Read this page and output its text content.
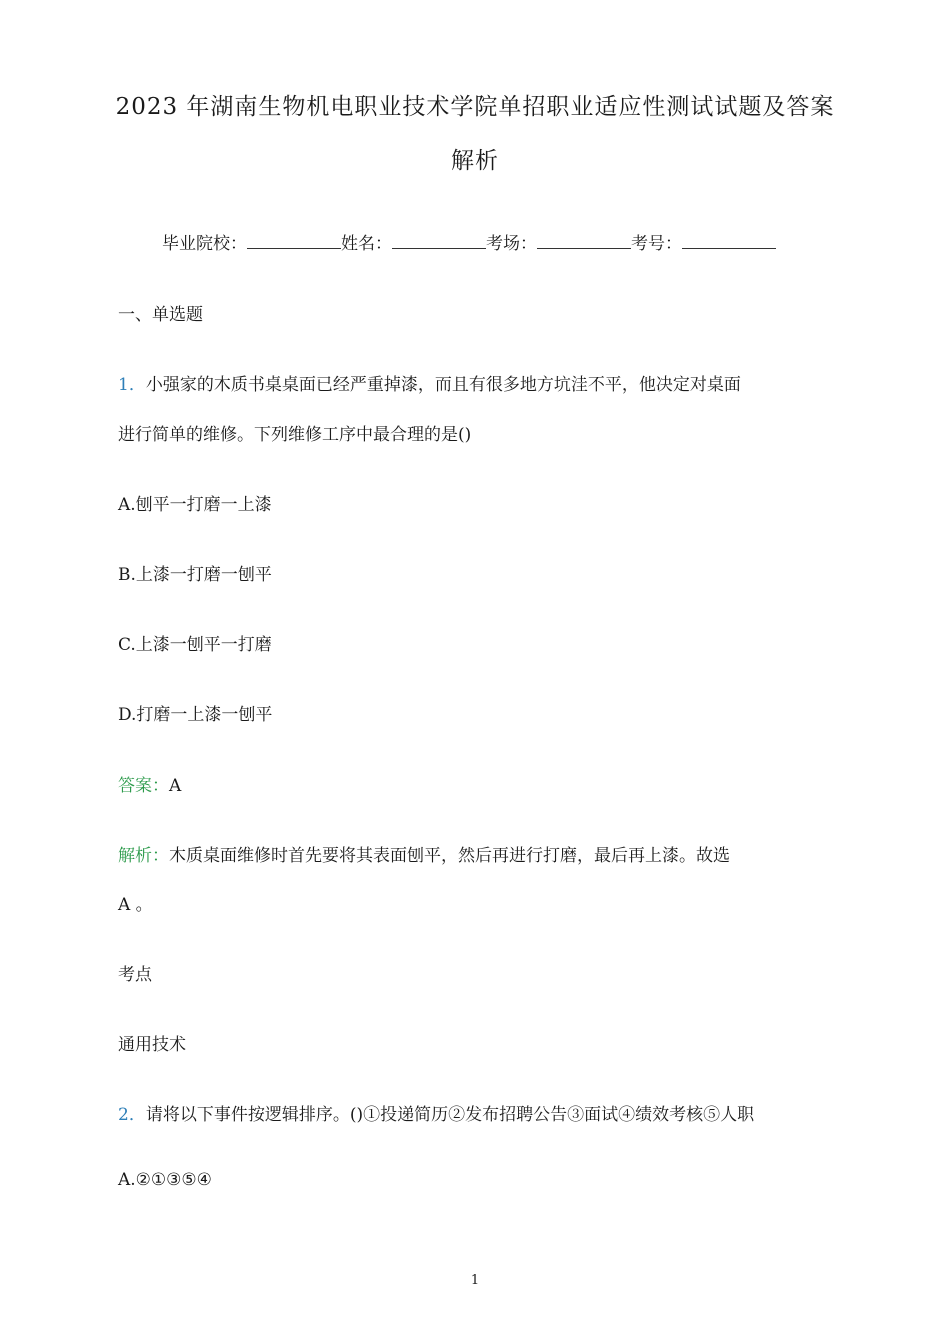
2023 年湖南生物机电职业技术学院单招职业适应性测试试题及答案
解析
毕业院校：	姓名：	考场：	考号：
一、单选题
1．小强家的木质书桌桌面已经严重掉漆，而且有很多地方坑洼不平，他决定对桌面
进行简单的维修。下列维修工序中最合理的是()
A.刨平一打磨一上漆
B.上漆一打磨一刨平
C.上漆一刨平一打磨
D.打磨一上漆一刨平
答案：A
解析：木质桌面维修时首先要将其表面刨平，然后再进行打磨，最后再上漆。故选
A 。
考点
通用技术
2．请将以下事件按逻辑排序。()①投递简历②发布招聘公告③面试④绩效考核⑤人职
A.②①③⑤④
1
